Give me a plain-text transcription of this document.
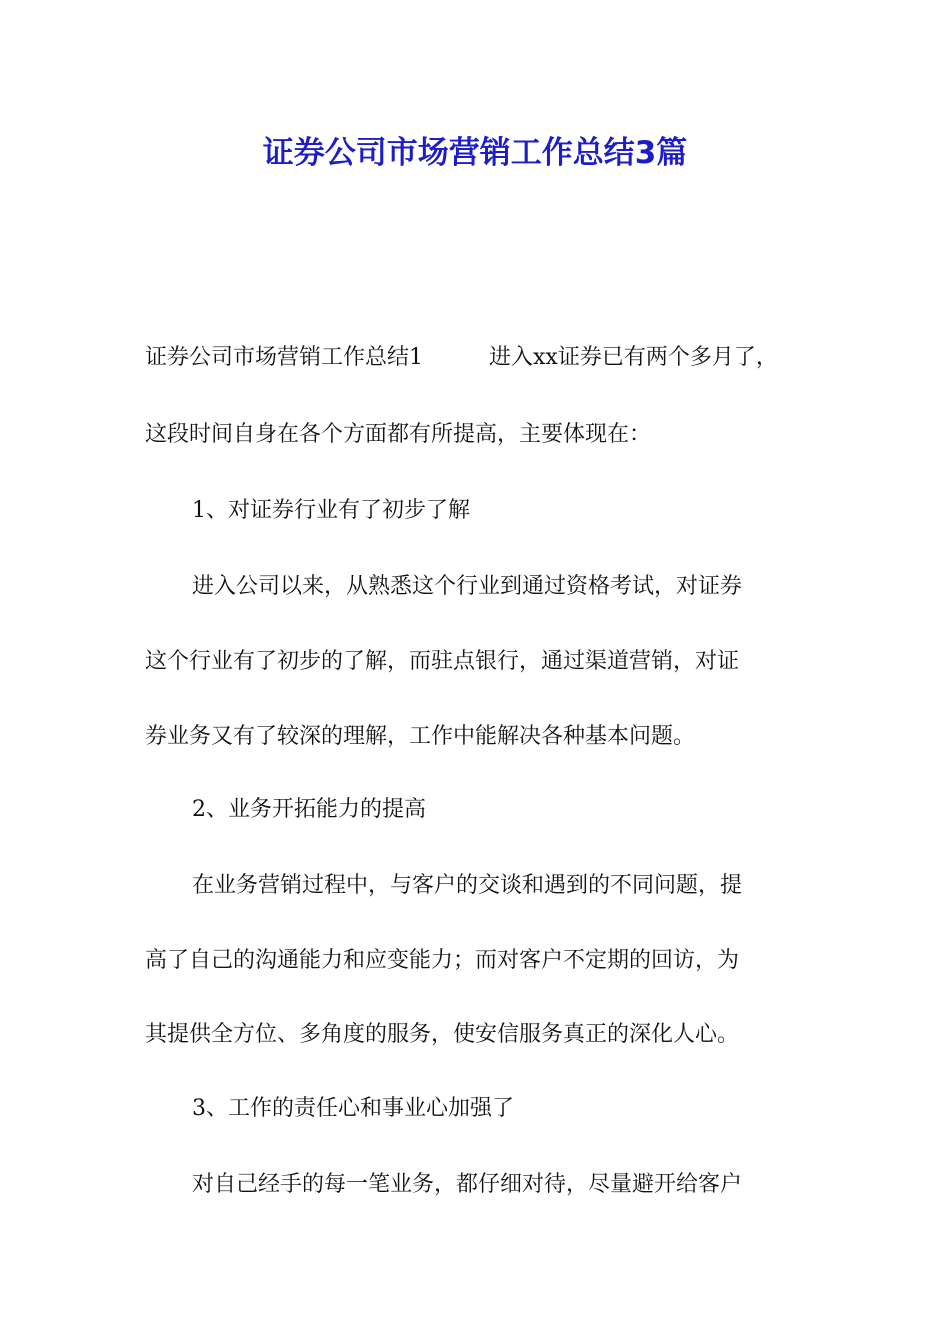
证券公司市场营销工作总结3篇

证券公司市场营销工作总结1　　　进入xx证券已有两个多月了，

这段时间自身在各个方面都有所提高，主要体现在：

1、对证券行业有了初步了解

进入公司以来，从熟悉这个行业到通过资格考试，对证券

这个行业有了初步的了解，而驻点银行，通过渠道营销，对证

券业务又有了较深的理解，工作中能解决各种基本问题。

2、业务开拓能力的提高

在业务营销过程中，与客户的交谈和遇到的不同问题，提

高了自己的沟通能力和应变能力；而对客户不定期的回访，为

其提供全方位、多角度的服务，使安信服务真正的深化人心。

3、工作的责任心和事业心加强了

对自己经手的每一笔业务，都仔细对待，尽量避开给客户
